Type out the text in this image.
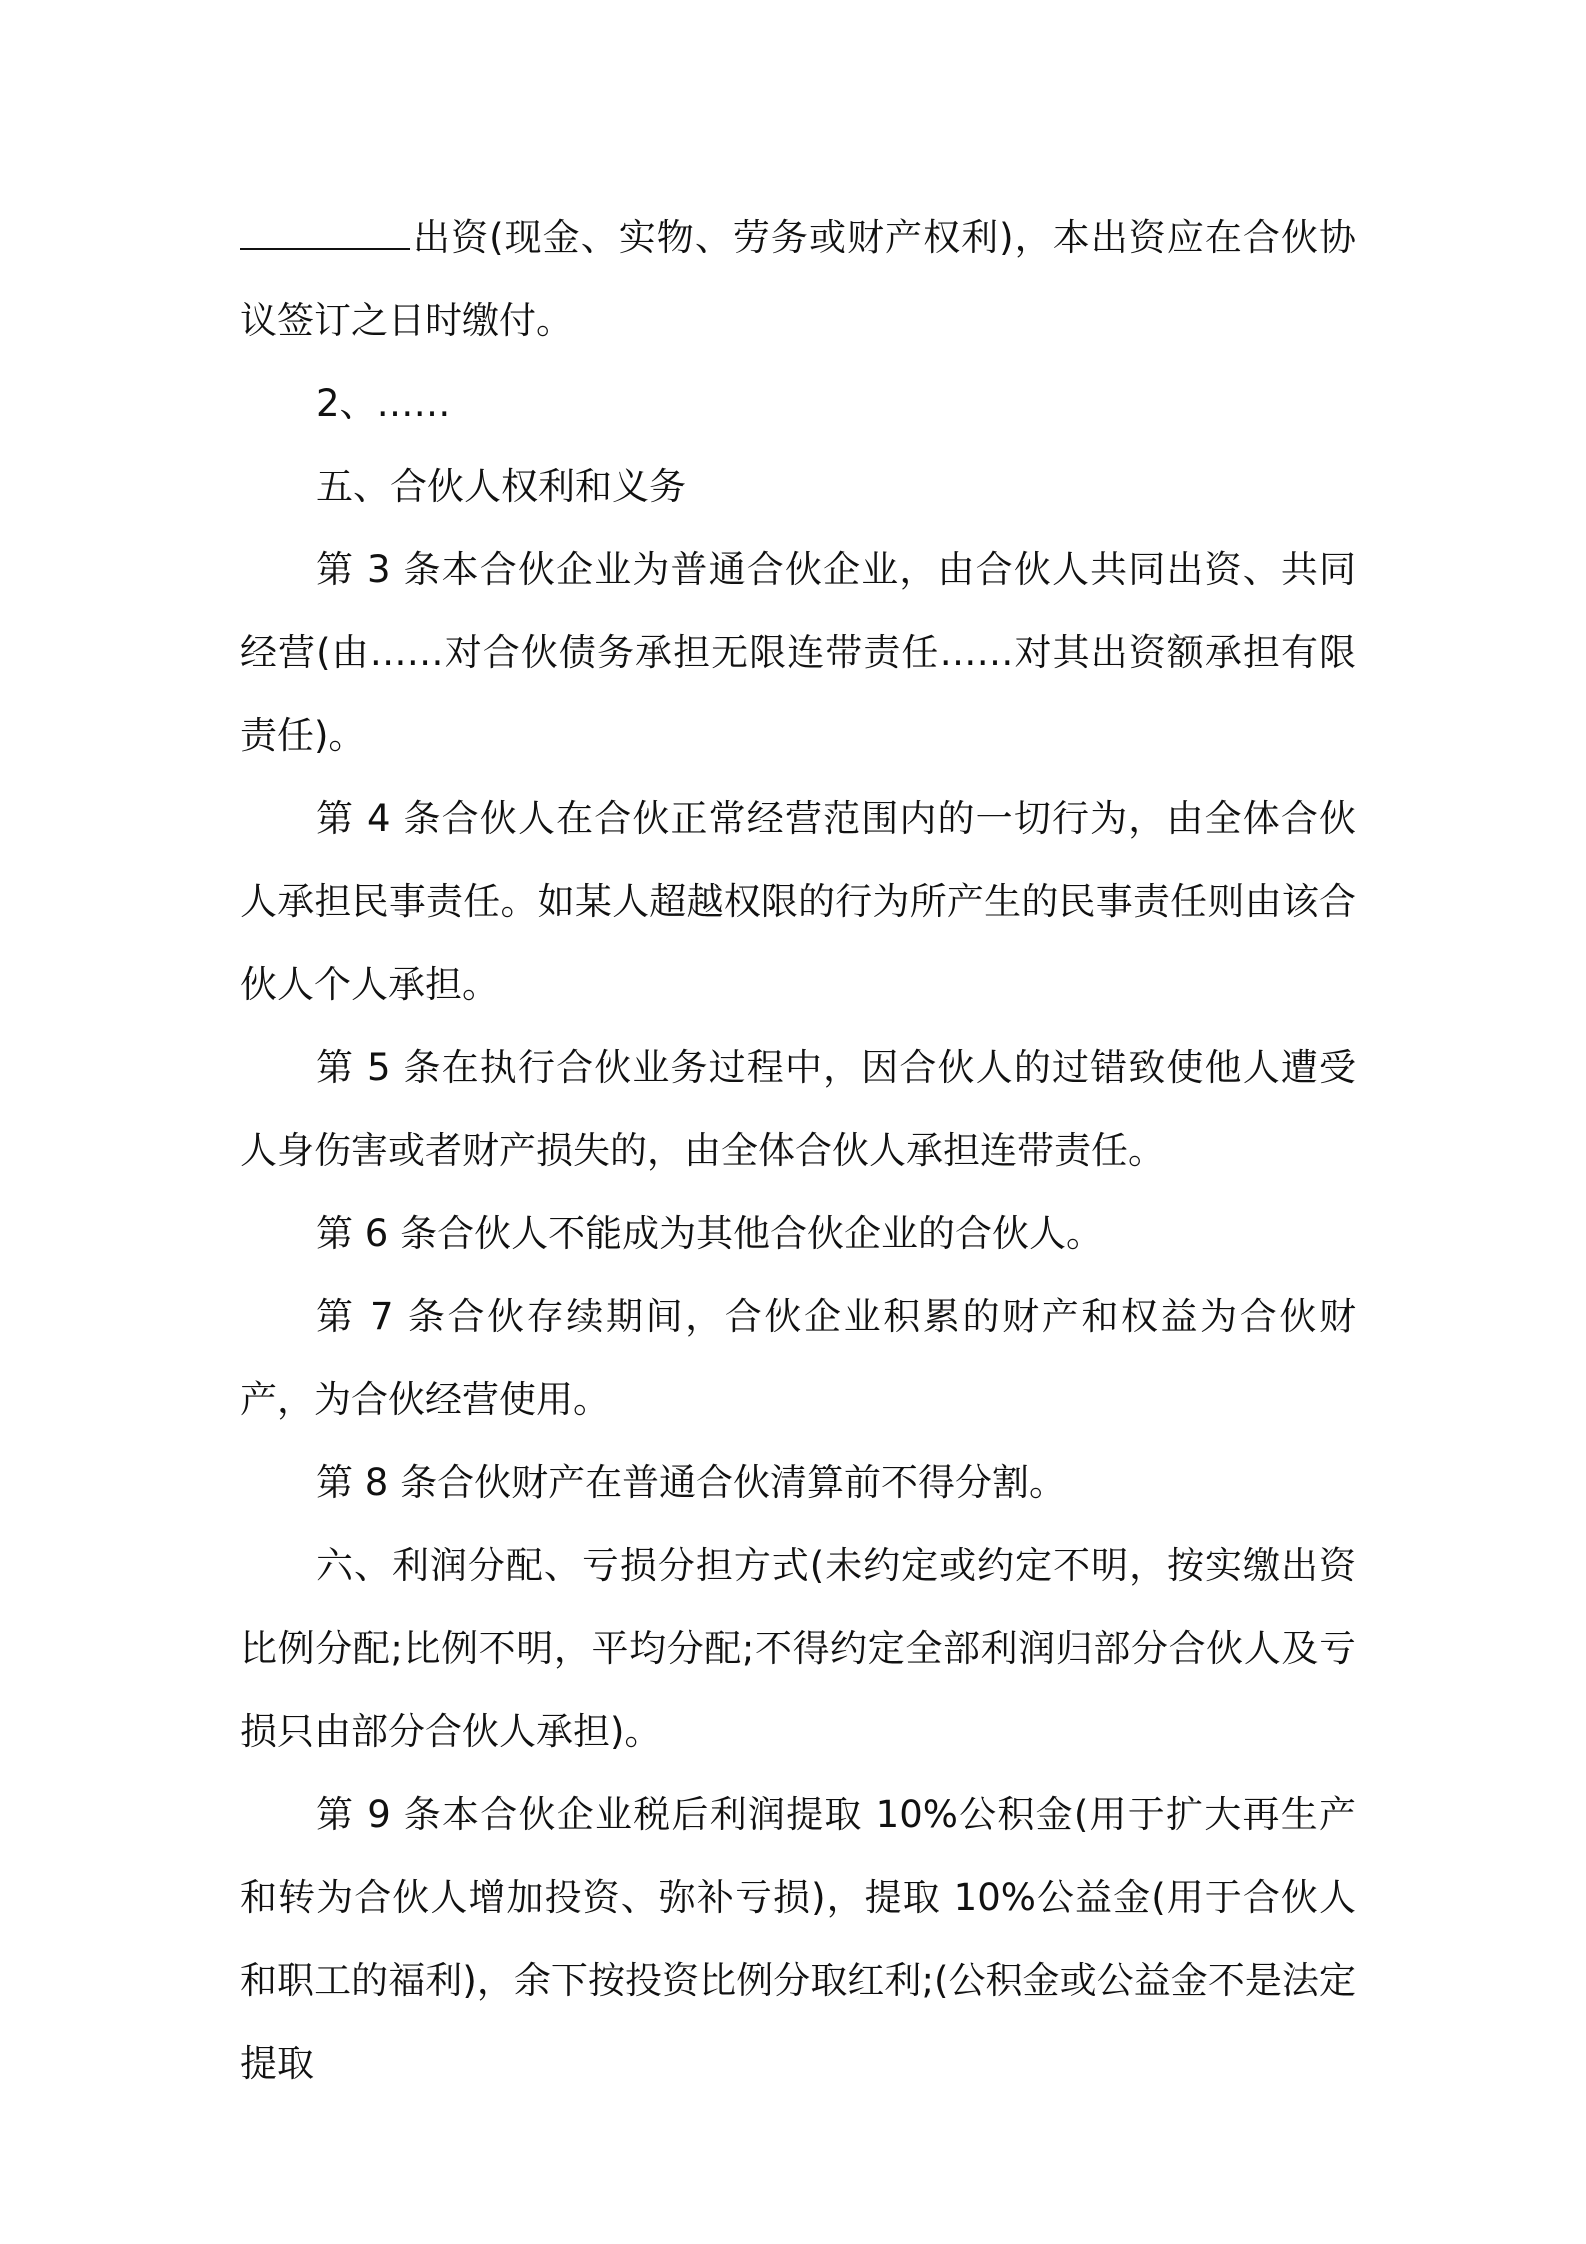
出资(现金、实物、劳务或财产权利)，本出资应在合伙协议签订之日时缴付。

2、……

五、合伙人权利和义务

第 3 条本合伙企业为普通合伙企业，由合伙人共同出资、共同经营(由……对合伙债务承担无限连带责任……对其出资额承担有限责任)。

第 4 条合伙人在合伙正常经营范围内的一切行为，由全体合伙人承担民事责任。如某人超越权限的行为所产生的民事责任则由该合伙人个人承担。

第 5 条在执行合伙业务过程中，因合伙人的过错致使他人遭受人身伤害或者财产损失的，由全体合伙人承担连带责任。

第 6 条合伙人不能成为其他合伙企业的合伙人。

第 7 条合伙存续期间，合伙企业积累的财产和权益为合伙财产，为合伙经营使用。

第 8 条合伙财产在普通合伙清算前不得分割。

六、利润分配、亏损分担方式(未约定或约定不明，按实缴出资比例分配;比例不明，平均分配;不得约定全部利润归部分合伙人及亏损只由部分合伙人承担)。

第 9 条本合伙企业税后利润提取 10%公积金(用于扩大再生产和转为合伙人增加投资、弥补亏损)，提取 10%公益金(用于合伙人和职工的福利)，余下按投资比例分取红利;(公积金或公益金不是法定提取
